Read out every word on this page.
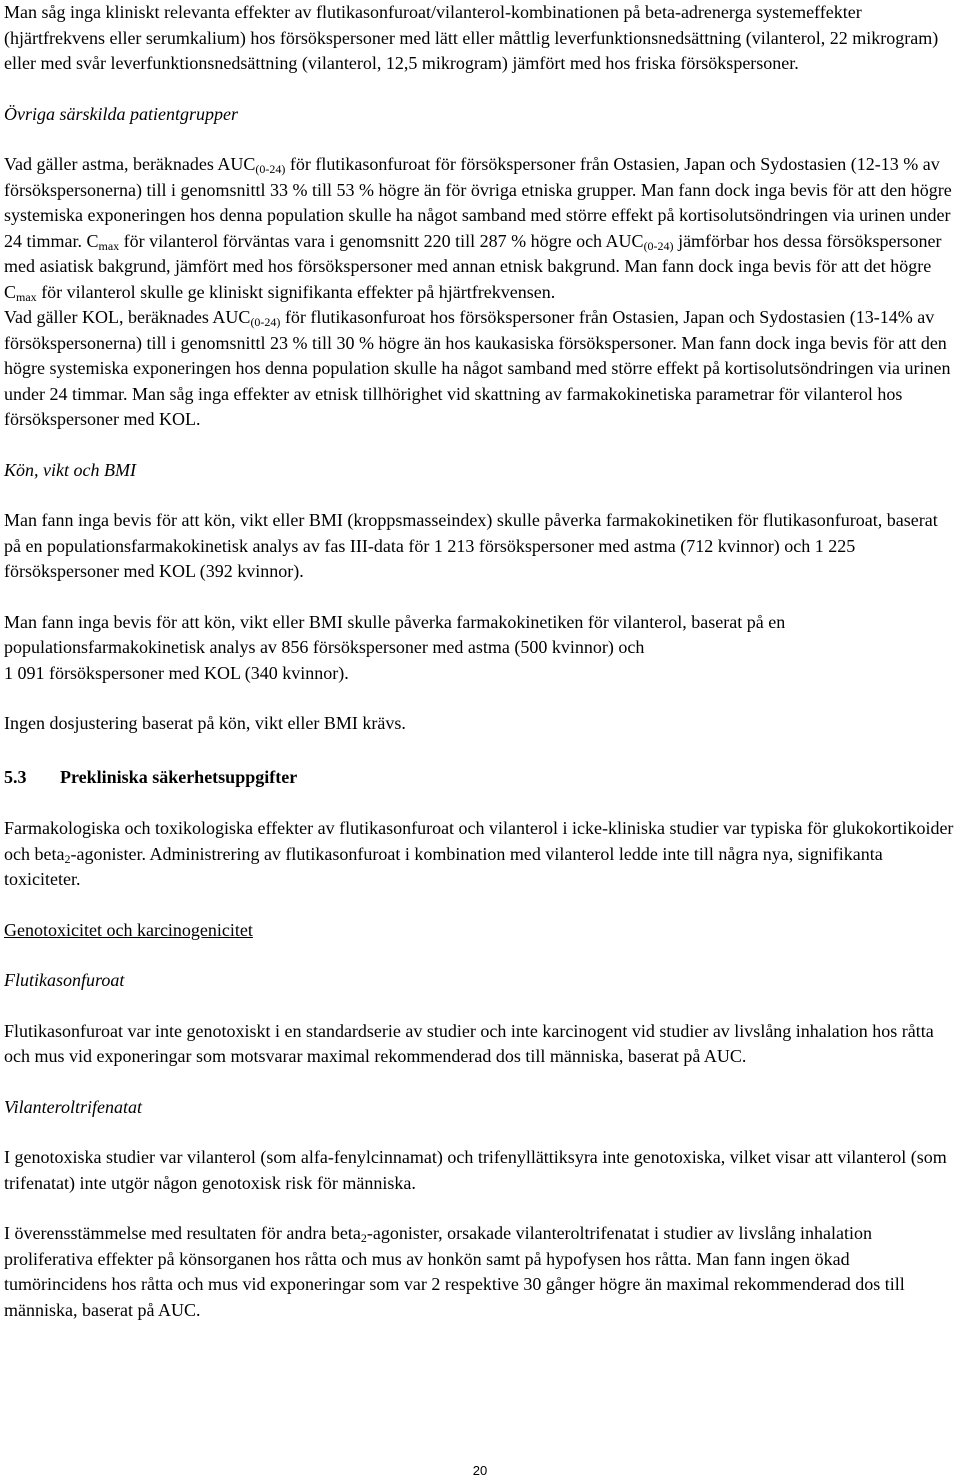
Man såg inga kliniskt relevanta effekter av flutikasonfuroat/vilanterol-kombinationen på beta-adrenerga systemeffekter (hjärtfrekvens eller serumkalium) hos försökspersoner med lätt eller måttlig leverfunktionsnedsättning (vilanterol, 22 mikrogram) eller med svår leverfunktionsnedsättning (vilanterol, 12,5 mikrogram) jämfört med hos friska försökspersoner.

Övriga särskilda patientgrupper

Vad gäller astma, beräknades $AUC_{(0-24)}$ för flutikasonfuroat för försökspersoner från Ostasien, Japan och Sydostasien (12-13 % av försökspersonerna) till i genomsnittl 33 % till 53 % högre än för övriga etniska grupper. Man fann dock inga bevis för att den högre systemiska exponeringen hos denna population skulle ha något samband med större effekt på kortisolutsöndringen via urinen under 24 timmar. $C_{max}$ för vilanterol förväntas vara i genomsnitt 220 till 287 % högre och $AUC_{(0-24)}$ jämförbar hos dessa försökspersoner med asiatisk bakgrund, jämfört med hos försökspersoner med annan etnisk bakgrund. Man fann dock inga bevis för att det högre $C_{max}$ för vilanterol skulle ge kliniskt signifikanta effekter på hjärtfrekvensen.

Vad gäller KOL, beräknades $AUC_{(0-24)}$ för flutikasonfuroat hos försökspersoner från Ostasien, Japan och Sydostasien (13-14% av försökspersonerna) till i genomsnittl 23 % till 30 % högre än hos kaukasiska försökspersoner. Man fann dock inga bevis för att den högre systemiska exponeringen hos denna population skulle ha något samband med större effekt på kortisolutsöndringen via urinen under 24 timmar. Man såg inga effekter av etnisk tillhörighet vid skattning av farmakokinetiska parametrar för vilanterol hos försökspersoner med KOL.

Kön, vikt och BMI

Man fann inga bevis för att kön, vikt eller BMI (kroppsmasseindex) skulle påverka farmakokinetiken för flutikasonfuroat, baserat på en populationsfarmakokinetisk analys av fas III-data för 1 213 försökspersoner med astma (712 kvinnor) och 1 225 försökspersoner med KOL (392 kvinnor).

Man fann inga bevis för att kön, vikt eller BMI skulle påverka farmakokinetiken för vilanterol, baserat på en populationsfarmakokinetisk analys av 856 försökspersoner med astma (500 kvinnor) och
1 091 försökspersoner med KOL (340 kvinnor).

Ingen dosjustering baserat på kön, vikt eller BMI krävs.

5.3 Prekliniska säkerhetsuppgifter

Farmakologiska och toxikologiska effekter av flutikasonfuroat och vilanterol i icke-kliniska studier var typiska för glukokortikoider och beta$_2$-agonister. Administrering av flutikasonfuroat i kombination med vilanterol ledde inte till några nya, signifikanta toxiciteter.

Genotoxicitet och karcinogenicitet

Flutikasonfuroat

Flutikasonfuroat var inte genotoxiskt i en standardserie av studier och inte karcinogent vid studier av livslång inhalation hos råtta och mus vid exponeringar som motsvarar maximal rekommenderad dos till människa, baserat på AUC.

Vilanteroltrifenatat

I genotoxiska studier var vilanterol (som alfa-fenylcinnamat) och trifenyllättiksyra inte genotoxiska, vilket visar att vilanterol (som trifenatat) inte utgör någon genotoxisk risk för människa.

I överensstämmelse med resultaten för andra beta$_2$-agonister, orsakade vilanteroltrifenatat i studier av livslång inhalation proliferativa effekter på könsorganen hos råtta och mus av honkön samt på hypofysen hos råtta. Man fann ingen ökad tumörincidens hos råtta och mus vid exponeringar som var 2 respektive 30 gånger högre än maximal rekommenderad dos till människa, baserat på AUC.

20
